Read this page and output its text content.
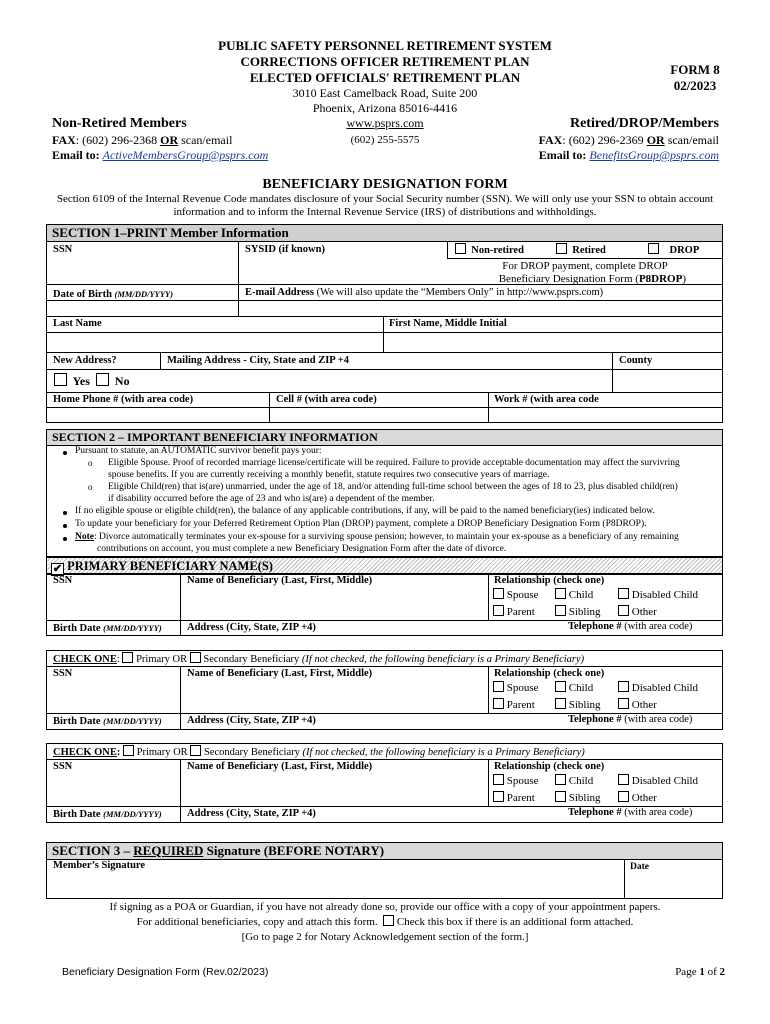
PUBLIC SAFETY PERSONNEL RETIREMENT SYSTEM
CORRECTIONS OFFICER RETIREMENT PLAN
ELECTED OFFICIALS' RETIREMENT PLAN
3010 East Camelback Road, Suite 200
Phoenix, Arizona 85016-4416
www.psprs.com
(602) 255-5575
FORM 8
02/2023
Non-Retired Members
FAX: (602) 296-2368 OR scan/email
Email to: ActiveMembersGroup@psprs.com
Retired/DROP/Members
FAX: (602) 296-2369 OR scan/email
Email to: BenefitsGroup@psprs.com
BENEFICIARY DESIGNATION FORM
Section 6109 of the Internal Revenue Code mandates disclosure of your Social Security number (SSN). We will only use your SSN to obtain account
information and to inform the Internal Revenue Service (IRS) of distributions and withholdings.
SECTION 1–PRINT Member Information
SSN	SYSID (if known)	Non-retired	Retired	DROP
For DROP payment, complete DROP
Beneficiary Designation Form (P8DROP)
Date of Birth (MM/DD/YYYY)	E-mail Address (We will also update the “Members Only” in http://www.psprs.com)
Last Name	First Name, Middle Initial
New Address?	Mailing Address - City, State and ZIP +4	County
Yes No
Home Phone # (with area code)	Cell # (with area code)	Work # (with area code
SECTION 2 – IMPORTANT BENEFICIARY INFORMATION
Pursuant to statute, an AUTOMATIC survivor benefit pays your:
o Eligible Spouse. Proof of recorded marriage license/certificate will be required. Failure to provide acceptable documentation may affect the survivring
spouse benefits. If you are currently receiving a monthly benefit, statute requires two consecutive years of marriage.
o Eligible Child(ren) that is(are) unmarried, under the age of 18, and/or attending full-time school between the ages of 18 to 23, plus disabled child(ren)
if disability occurred before the age of 23 and who is(are) a dependent of the member.
If no eligible spouse or eligible child(ren), the balance of any applicable contributions, if any, will be paid to the named beneficiary(ies) indicated below.
To update your beneficiary for your Deferred Retirement Option Plan (DROP) payment, complete a DROP Beneficiary Designation Form (P8DROP).
Note: Divorce automatically terminates your ex-spouse for a surviving spouse pension; however, to maintain your ex-spouse as a beneficiary of any remaining
contributions on account, you must complete a new Beneficiary Designation Form after the date of divorce.
✔ PRIMARY BENEFICIARY NAME(S)
SSN	Name of Beneficiary (Last, First, Middle)	Relationship (check one)
Spouse	Child	Disabled Child
Parent	Sibling	Other
Birth Date (MM/DD/YYYY) Address (City, State, ZIP +4)	Telephone # (with area code)
CHECK ONE: Primary OR Secondary Beneficiary (If not checked, the following beneficiary is a Primary Beneficiary)
SSN	Name of Beneficiary (Last, First, Middle)	Relationship (check one)
Spouse	Child	Disabled Child
Parent	Sibling	Other
Birth Date (MM/DD/YYYY) Address (City, State, ZIP +4)	Telephone # (with area code)
CHECK ONE: Primary OR Secondary Beneficiary (If not checked, the following beneficiary is a Primary Beneficiary)
SSN	Name of Beneficiary (Last, First, Middle)	Relationship (check one)
Spouse	Child	Disabled Child
Parent	Sibling	Other
Birth Date (MM/DD/YYYY) Address (City, State, ZIP +4)	Telephone # (with area code)
SECTION 3 – REQUIRED Signature (BEFORE NOTARY)
Member’s Signature	Date
If signing as a POA or Guardian, if you have not already done so, provide our office with a copy of your appointment papers.
For additional beneficiaries, copy and attach this form. Check this box if there is an additional form attached.
[Go to page 2 for Notary Acknowledgement section of the form.]
Beneficiary Designation Form (Rev.02/2023)	Page 1 of 2
